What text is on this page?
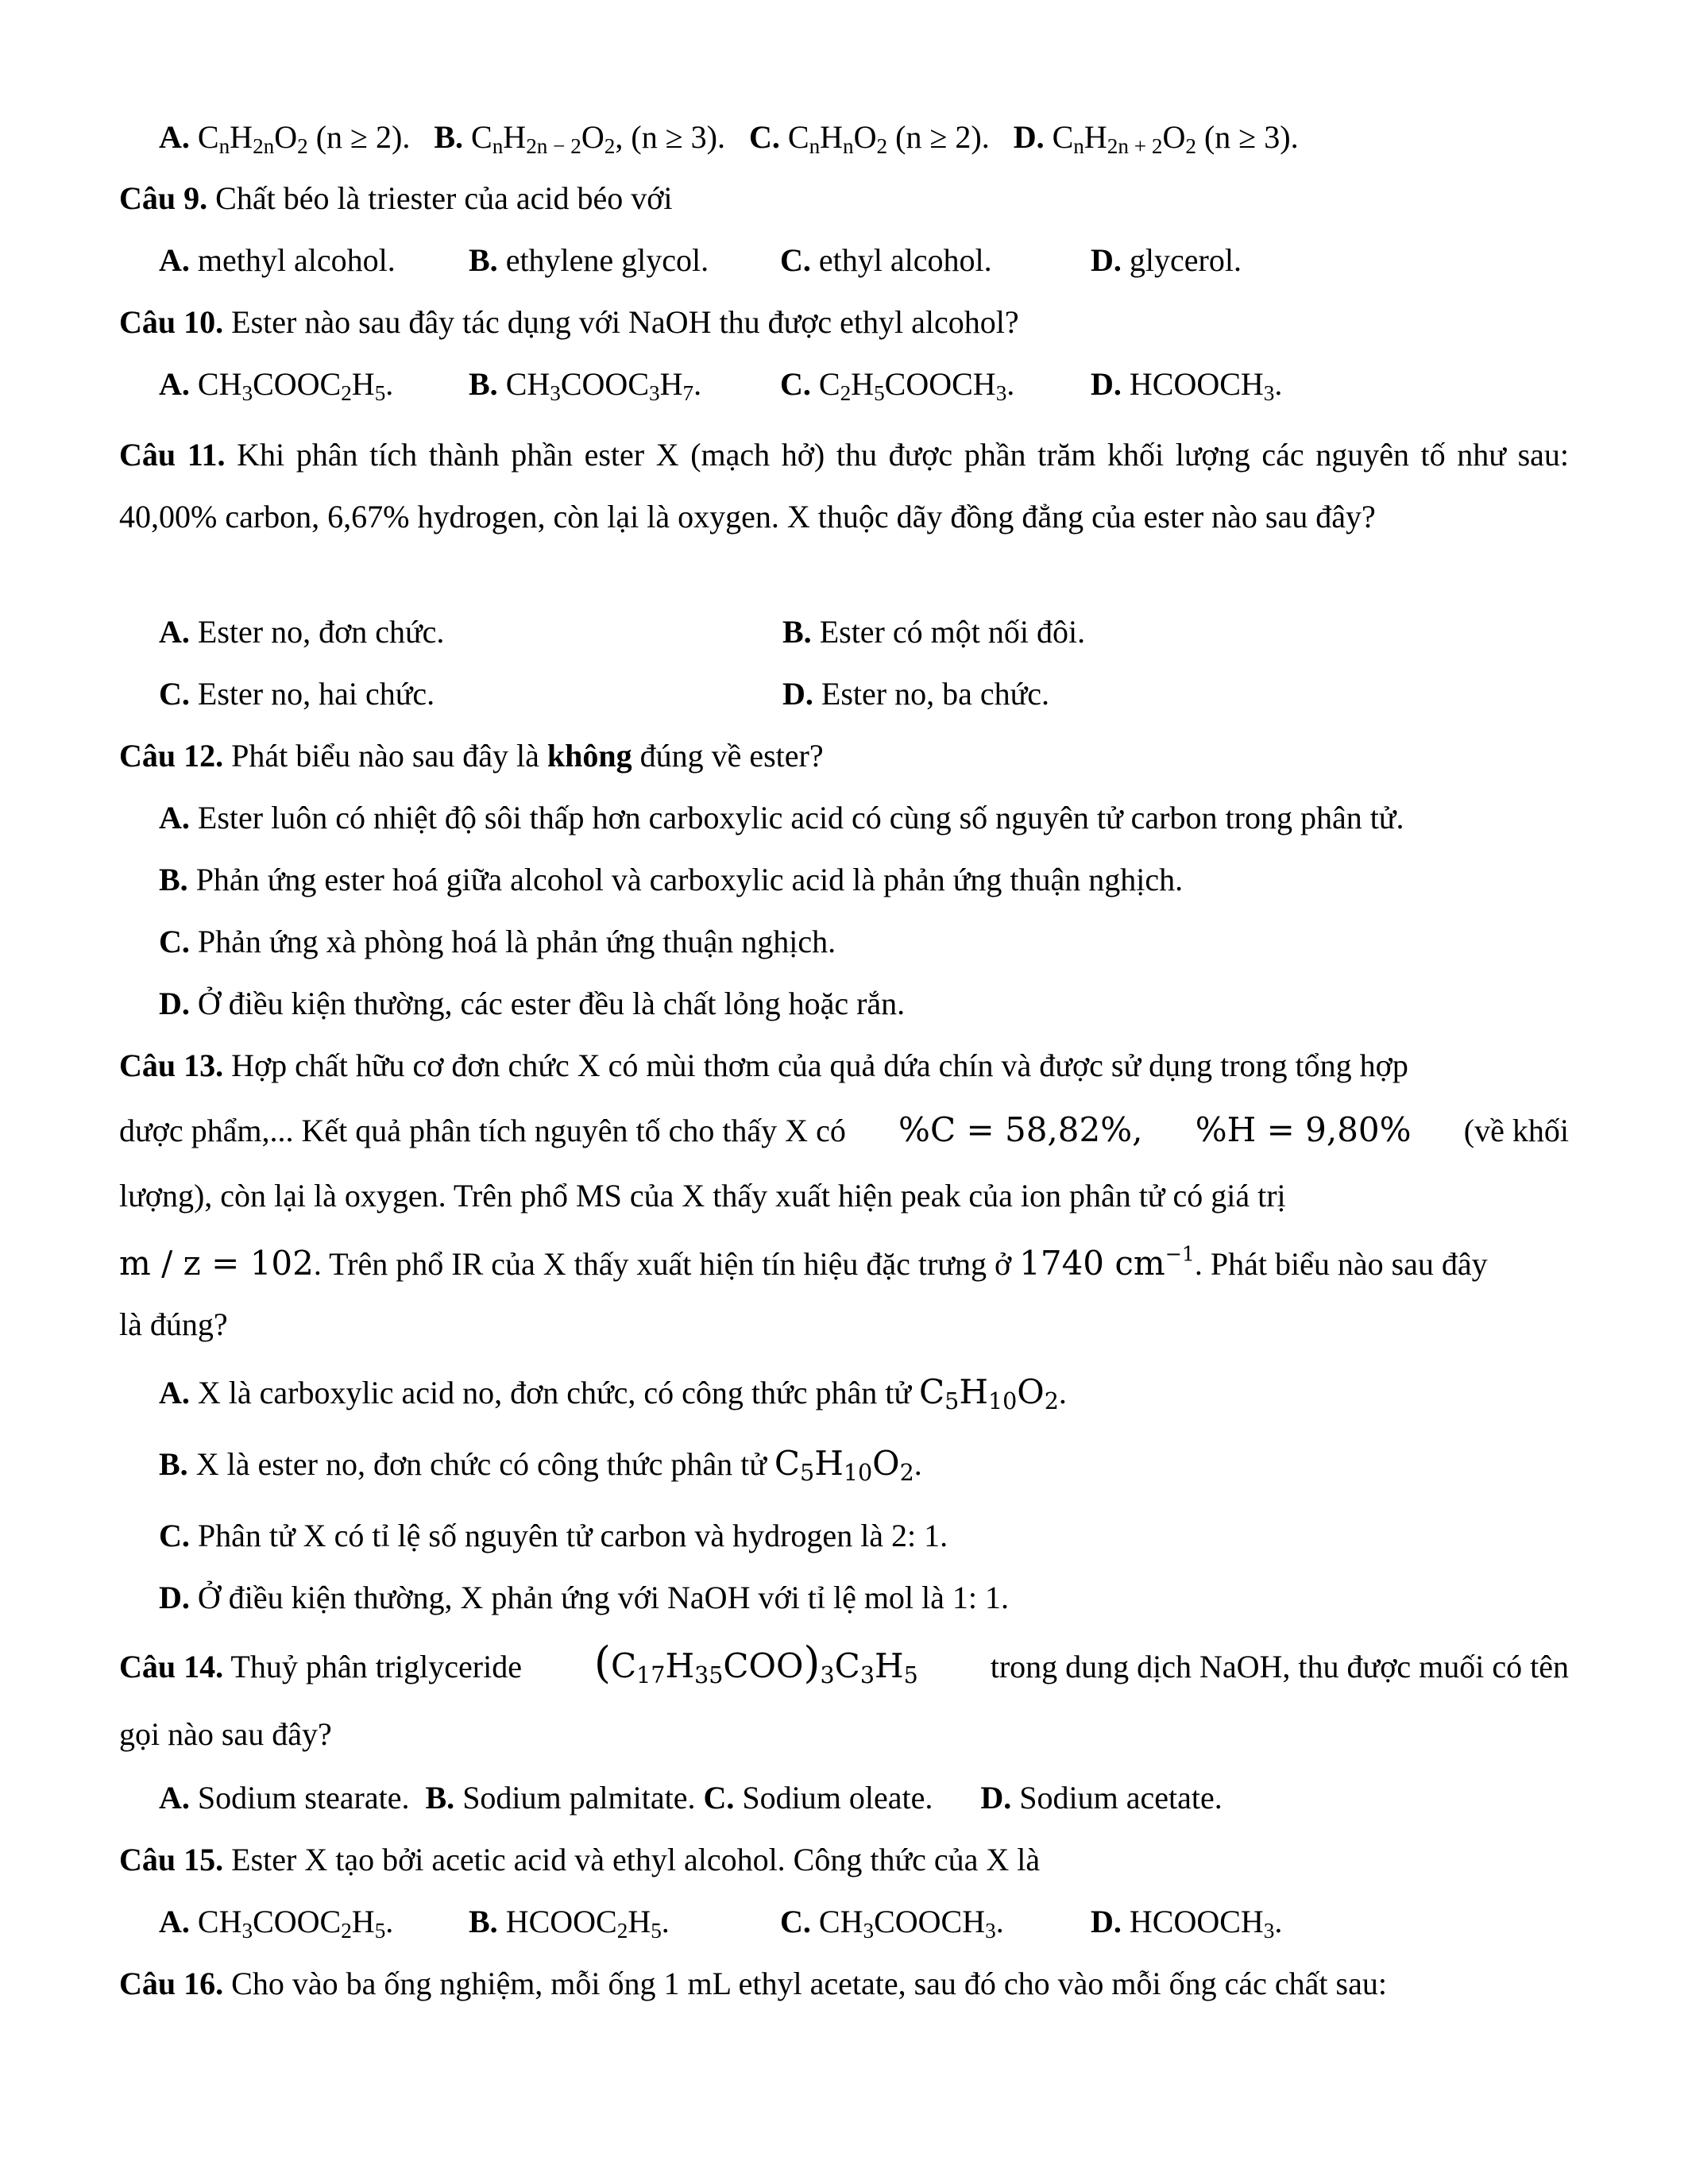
A. $C_nH_{2n}O_2$ (n ≥ 2). B. $C_nH_{2n - 2}O_2$, (n ≥ 3). C. $C_nH_nO_2$ (n ≥ 2). D. $C_nH_{2n + 2}O_2$ (n ≥ 3).
Câu 9. Chất béo là triester của acid béo với
A. methyl alcohol. B. ethylene glycol. C. ethyl alcohol.	D. glycerol.
Câu 10. Ester nào sau đây tác dụng với NaOH thu được ethyl alcohol?
A. $CH_3COOC_2H_5$. B. $CH_3COOC_3H_7$. C. $C_2H_5COOCH_3$. D. $HCOOCH_3$.
Câu 11. Khi phân tích thành phần ester X (mạch hở) thu được phần trăm khối lượng các nguyên tố như sau: 40,00% carbon, 6,67% hydrogen, còn lại là oxygen. X thuộc dãy đồng đẳng của ester nào sau đây?
A. Ester no, đơn chức.	B. Ester có một nối đôi.
C. Ester no, hai chức.	D. Ester no, ba chức.
Câu 12. Phát biểu nào sau đây là không đúng về ester?
A. Ester luôn có nhiệt độ sôi thấp hơn carboxylic acid có cùng số nguyên tử carbon trong phân tử.
B. Phản ứng ester hoá giữa alcohol và carboxylic acid là phản ứng thuận nghịch.
C. Phản ứng xà phòng hoá là phản ứng thuận nghịch.
D. Ở điều kiện thường, các ester đều là chất lỏng hoặc rắn.
Câu 13. Hợp chất hữu cơ đơn chức X có mùi thơm của quả dứa chín và được sử dụng trong tổng hợp
dược phẩm,... Kết quả phân tích nguyên tố cho thấy X có %C = 58,82%, %H = 9,80% (về khối
lượng), còn lại là oxygen. Trên phổ MS của X thấy xuất hiện peak của ion phân tử có giá trị
m / z = 102. Trên phổ IR của X thấy xuất hiện tín hiệu đặc trưng ở 1740 $cm^{-1}$. Phát biểu nào sau đây
là đúng?
A. X là carboxylic acid no, đơn chức, có công thức phân tử $C_5H_{10}O_2$.
B. X là ester no, đơn chức có công thức phân tử $C_5H_{10}O_2$.
C. Phân tử X có tỉ lệ số nguyên tử carbon và hydrogen là 2: 1.
D. Ở điều kiện thường, X phản ứng với NaOH với tỉ lệ mol là 1: 1.
Câu 14. Thuỷ phân triglyceride $(C_{17}H_{35}COO)_3C_3H_5$ trong dung dịch NaOH, thu được muối có tên
gọi nào sau đây?
A. Sodium stearate. B. Sodium palmitate. C. Sodium oleate. D. Sodium acetate.
Câu 15. Ester X tạo bởi acetic acid và ethyl alcohol. Công thức của X là
A. $CH_3COOC_2H_5$. B. $HCOOC_2H_5$.	C. $CH_3COOCH_3$.	D. $HCOOCH_3$.
Câu 16. Cho vào ba ống nghiệm, mỗi ống 1 mL ethyl acetate, sau đó cho vào mỗi ống các chất sau:
